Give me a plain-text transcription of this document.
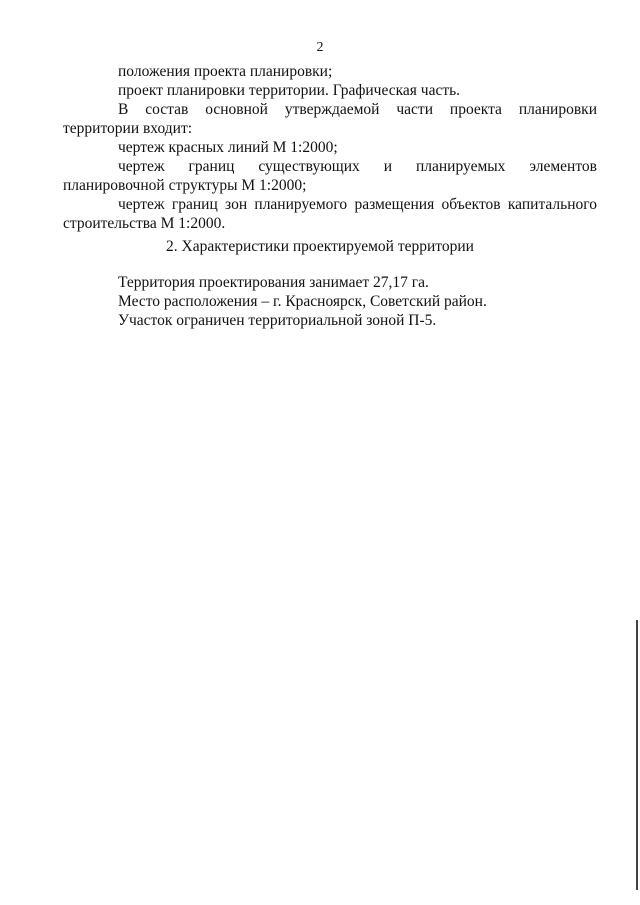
2

положения проекта планировки;

проект планировки территории. Графическая часть.

В состав основной утверждаемой части проекта планировки территории входит:

чертеж красных линий М 1:2000;

чертеж границ существующих и планируемых элементов планировочной структуры М 1:2000;

чертеж границ зон планируемого размещения объектов капитального строительства М 1:2000.

2. Характеристики проектируемой территории

Территория проектирования занимает 27,17 га.

Место расположения – г. Красноярск, Советский район.

Участок ограничен территориальной зоной П-5.
